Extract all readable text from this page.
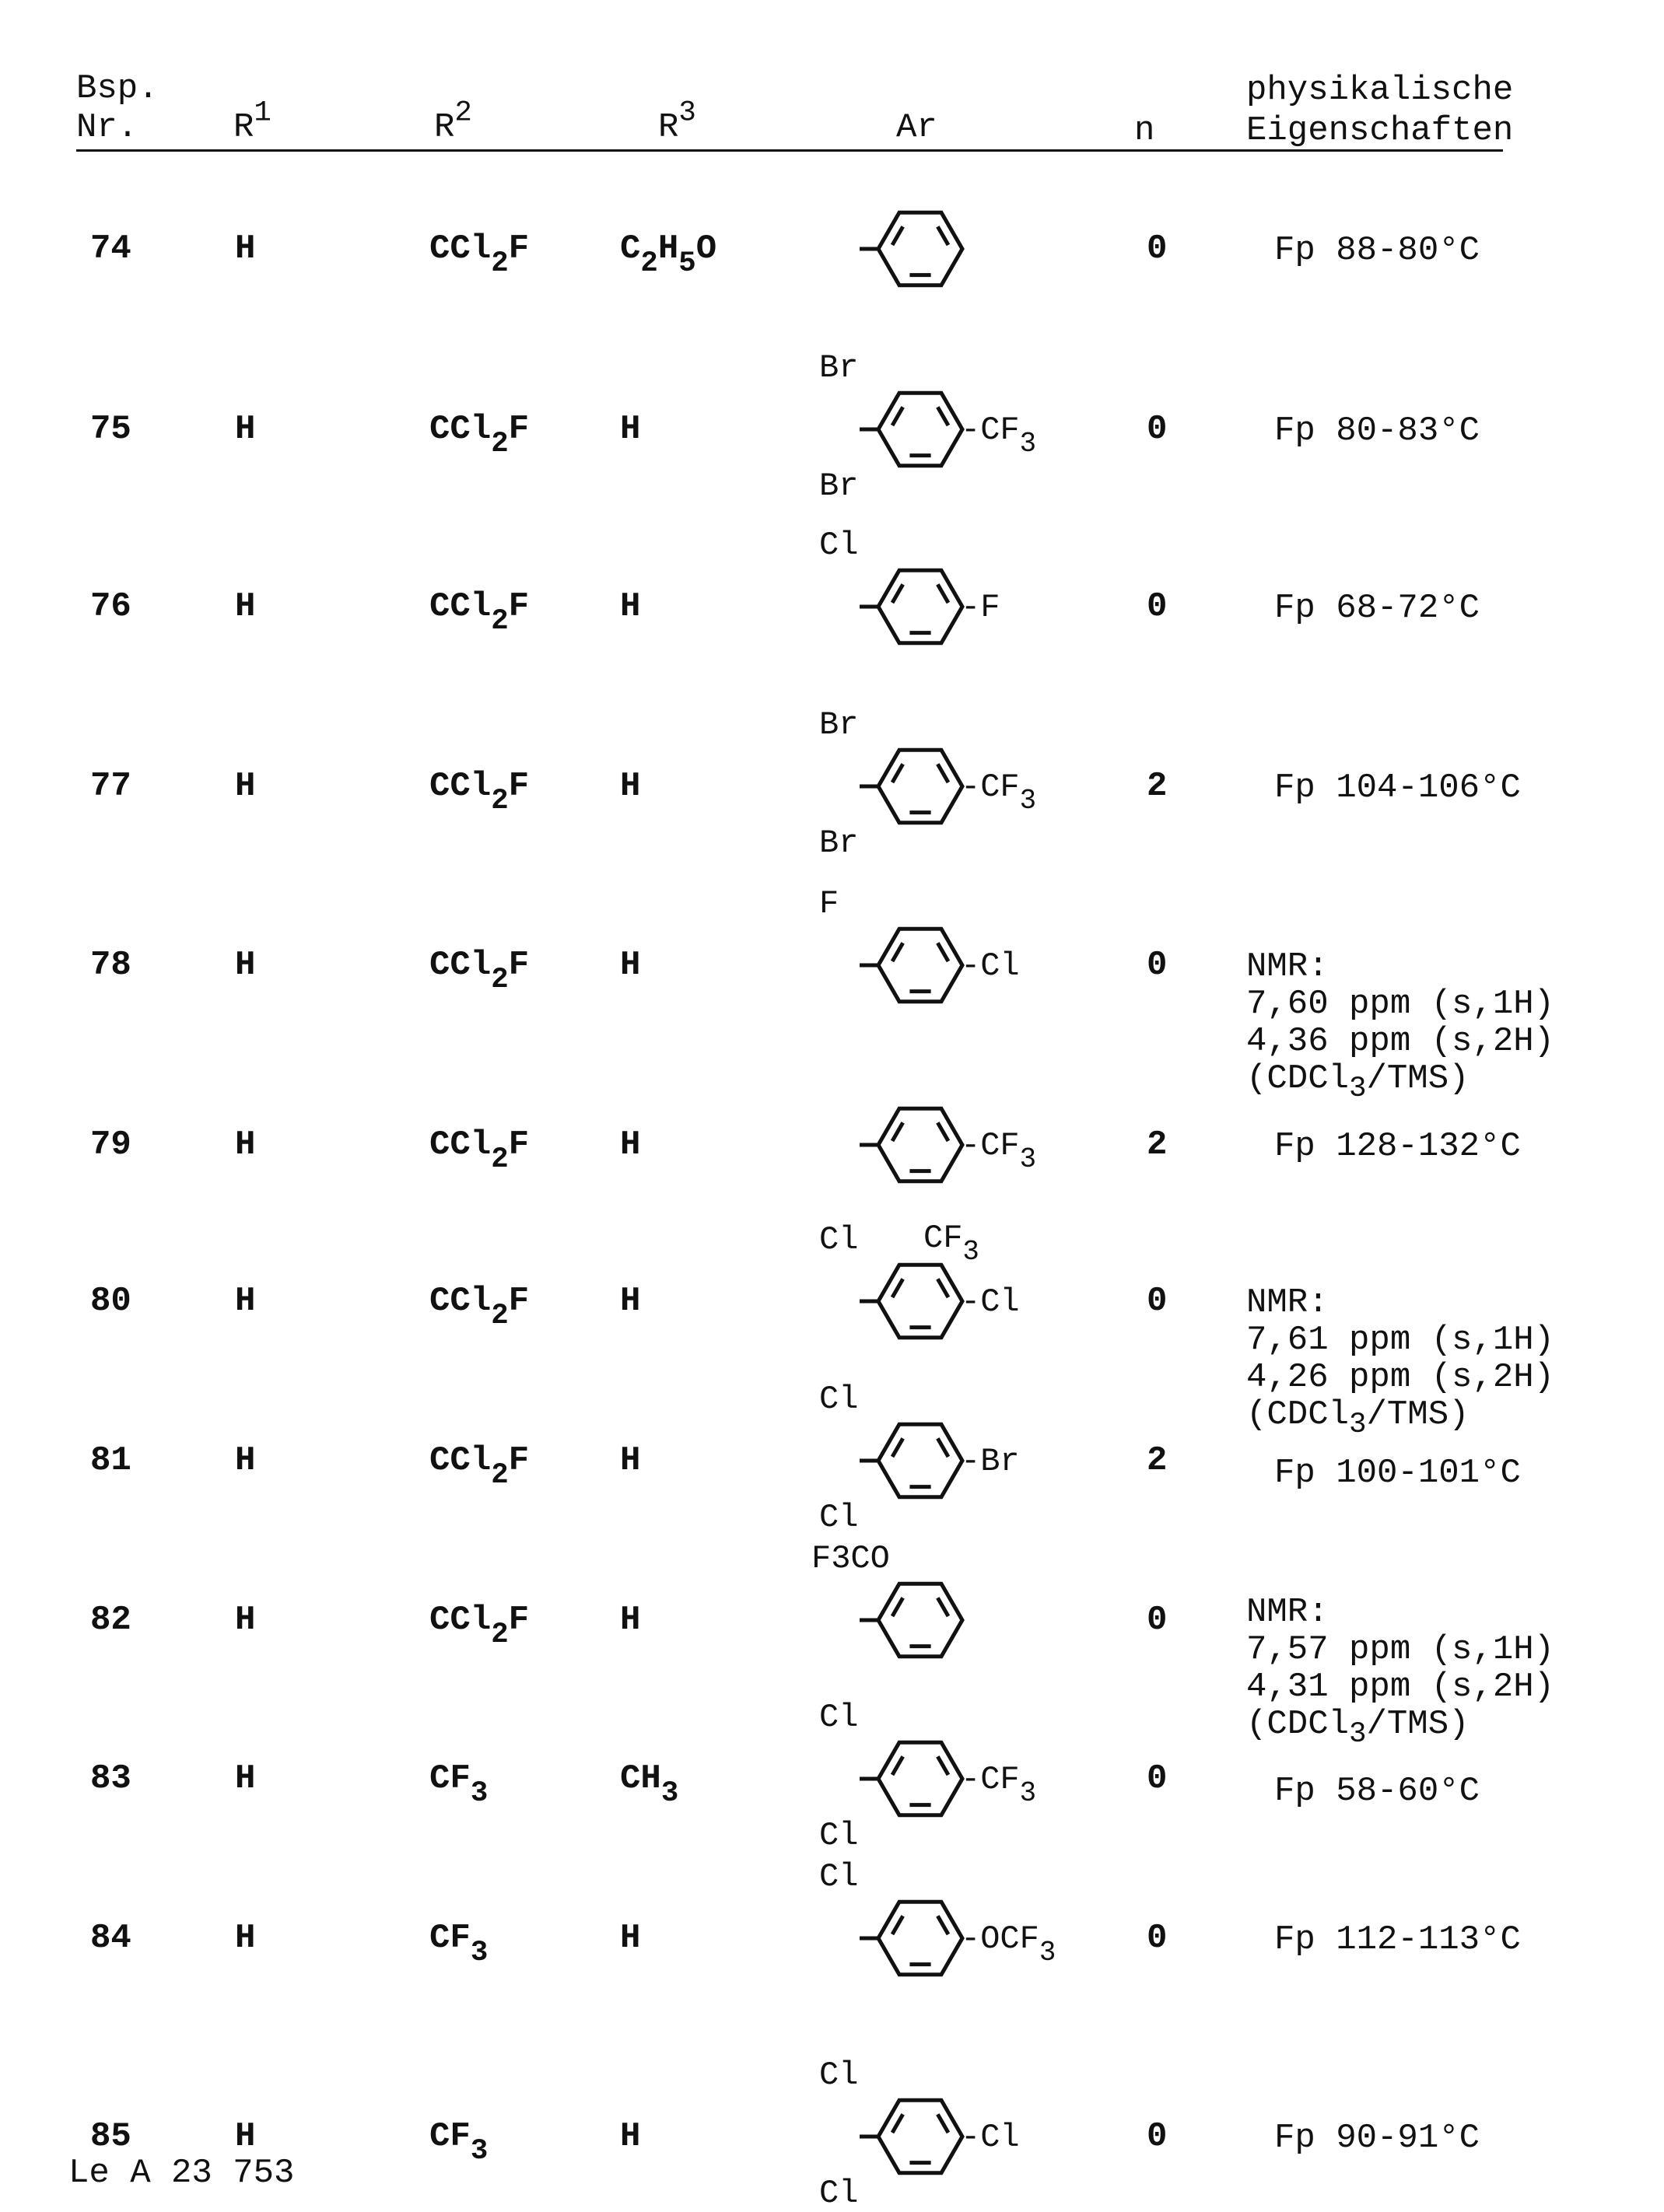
Bsp.
Nr.	R1	R2	R3	Ar	n
physikalische
Eigenschaften
74	H	CCl2F	C2H5O	0	Fp 88-80°C
75	H	CCl2F	H
Br
Br
-CF3	0	Fp 80-83°C
76	H	CCl2F	H
Cl
-F	0	Fp 68-72°C
77	H	CCl2F	H
Br
Br
-CF3	2	Fp 104-106°C
78	H	CCl2F	H
F
-Cl	0 NMR:
7,60 ppm (s,1H)
4,36 ppm (s,2H)
(CDCl3/TMS)
79	H	CCl2F	H	-CF3	2	Fp 128-132°C
80	H	CCl2F	H
Cl CF3
-Cl	0 NMR:
7,61 ppm (s,1H)
4,26 ppm (s,2H)
(CDCl3/TMS)
81	H	CCl2F	H
Cl
Cl
-Br	2	Fp 100-101°C
82	H	CCl2F	H
F3CO
0 NMR:
7,57 ppm (s,1H)
4,31 ppm (s,2H)
(CDCl3/TMS)
83	H	CF3	CH3
Cl
Cl
-CF3	0	Fp 58-60°C
84	H	CF3	H
Cl
-OCF3	0	Fp 112-113°C
85	H	CF3	H
Cl
Cl
-Cl	0	Fp 90-91°C
Le A 23 753
